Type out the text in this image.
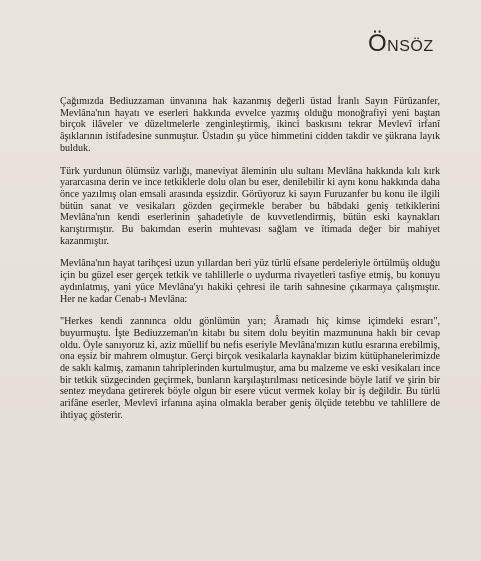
ÖNSÖZ

Çağımızda Bediuzzaman ünvanına hak kazanmış değerli üstad İranlı Sayın Fürûzanfer, Mevlâna'nın hayatı ve eserleri hakkında evvelce yazmış olduğu monoğrafiyi yeni baştan birçok ilâveler ve düzeltmelerle zenginleştirmiş, ikinci baskısını tekrar Mevlevî irfanî âşıklarının istifadesine sunmuştur. Üstadın şu yüce himmetini cidden takdir ve şükrana layık bulduk.

Türk yurdunun ölümsüz varlığı, maneviyat âleminin ulu sultanı Mevlâna hakkında kılı kırk yararcasına derin ve ince tetkiklerle dolu olan bu eser, denilebilir ki aynı konu hakkında daha önce yazılmış olan emsali arasında eşsizdir. Görüyoruz ki sayın Furuzanfer bu konu ile ilgili bütün sanat ve vesikaları gözden geçirmekle beraber bu bâbdaki geniş tetkiklerini Mevlâna'nın kendi eserlerinin şahadetiyle de kuvvetlendirmiş, bütün eski kaynakları karıştırmıştır. Bu bakımdan eserin muhtevası sağlam ve îtimada değer bir mahiyet kazanmıştır.

Mevlâna'nın hayat tarihçesi uzun yıllardan beri yüz türlü efsane perdeleriyle örtülmüş olduğu için bu güzel eser gerçek tetkik ve tahlillerle o uydurma rivayetleri tasfiye etmiş, bu konuyu aydınlatmış, yani yüce Mevlâna'yı hakiki çehresi ile tarih sahnesine çıkarmaya çalışmıştır. Her ne kadar Cenab-ı Mevlâna:

"Herkes kendi zannınca oldu gönlümün yarı; Âramadı hiç kimse içimdeki esrarı", buyurmuştu. İşte Bediuzzeman'ın kitabı bu sitem dolu beyitin mazmununa haklı bir cevap oldu. Öyle sanıyoruz ki, aziz müellif bu nefis eseriyle Mevlâna'mızın kutlu esrarına erebilmiş, ona eşsiz bir mahrem olmuştur. Gerçi birçok vesikalarla kaynaklar bizim kütüphanelerimizde de saklı kalmış, zamanın tahriplerinden kurtulmuştur, ama bu malzeme ve eski vesikaları ince bir tetkik süzgecinden geçirmek, bunların karşılaştırılması neticesinde böyle latif ve şirin bir sentez meydana getirerek böyle olgun bir esere vücut vermek kolay bir iş değildir. Bu türlü arifâne eserler, Mevlevî irfanına aşina olmakla beraber geniş ölçüde tetebbu ve tahlillere de ihtiyaç gösterir.
